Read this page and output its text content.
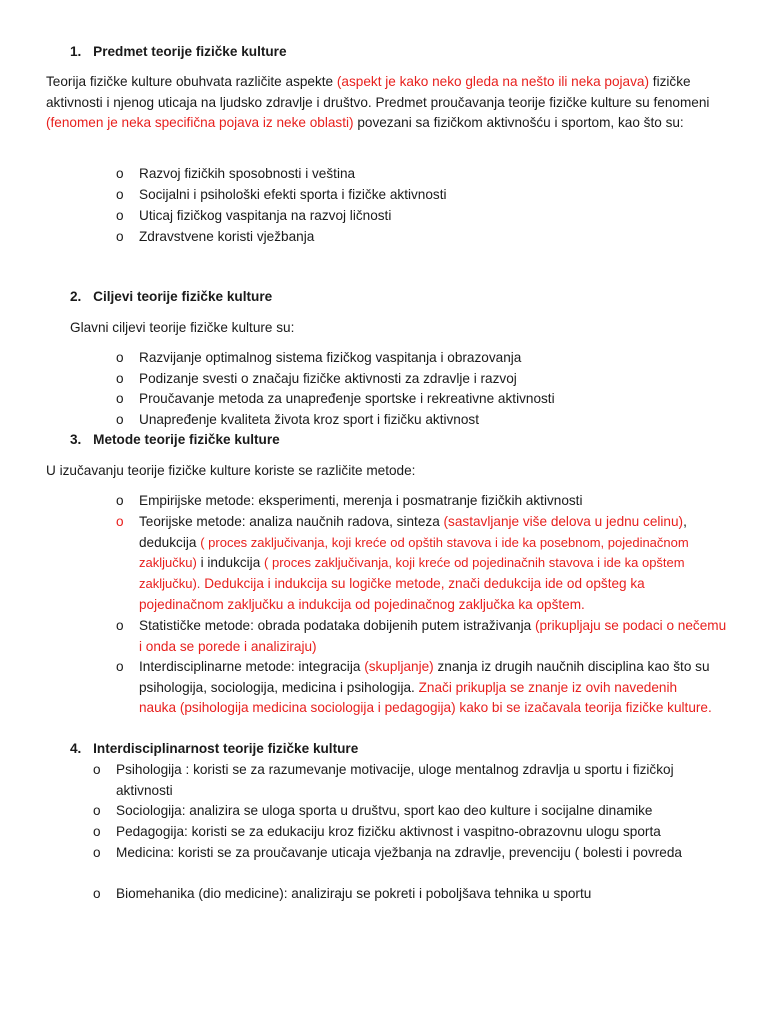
1. Predmet teorije fizičke kulture

Teorija fizičke kulture obuhvata različite aspekte (aspekt je kako neko gleda na nešto ili neka pojava) fizičke aktivnosti i njenog uticaja na ljudsko zdravlje i društvo. Predmet proučavanja teorije fizičke kulture su fenomeni (fenomen je neka specifična pojava iz neke oblasti) povezani sa fizičkom aktivnošću i sportom, kao što su:

o Razvoj fizičkih sposobnosti i veština
o Socijalni i psihološki efekti sporta i fizičke aktivnosti
o Uticaj fizičkog vaspitanja na razvoj ličnosti
o Zdravstvene koristi vježbanja
2. Ciljevi teorije fizičke kulture
Glavni ciljevi teorije fizičke kulture su:
o Razvijanje optimalnog sistema fizičkog vaspitanja i obrazovanja
o Podizanje svesti o značaju fizičke aktivnosti za zdravlje i razvoj
o Proučavanje metoda za unapređenje sportske i rekreativne aktivnosti
o Unapređenje kvaliteta života kroz sport i fizičku aktivnost
3. Metode teorije fizičke kulture
U izučavanju teorije fizičke kulture koriste se različite metode:
o Empirijske metode: eksperimenti, merenja i posmatranje fizičkih aktivnosti
o Teorijske metode: analiza naučnih radova, sinteza (sastavljanje više delova u jednu celinu), dedukcija ( proces zaključivanja, koji kreće od opštih stavova i ide ka posebnom, pojedinačnom zaključku) i indukcija ( proces zaključivanja, koji kreće od pojedinačnih stavova i ide ka opštem zaključku). Dedukcija i indukcija su logičke metode, znači dedukcija ide od opšteg ka pojedinačnom zaključku a indukcija od pojedinačnog zaključka ka opštem.

o Statističke metode: obrada podataka dobijenih putem istraživanja (prikupljaju se podaci o nečemu i onda se porede i analiziraju)

o Interdisciplinarne metode: integracija (skupljanje) znanja iz drugih naučnih disciplina kao što su psihologija, sociologija, medicina i psihologija. Znači prikuplja se znanje iz ovih navedenih nauka (psihologija medicina sociologija i pedagogija) kako bi se izačavala teorija fizičke kulture.

4. Interdisciplinarnost teorije fizičke kulture
o Psihologija : koristi se za razumevanje motivacije, uloge mentalnog zdravlja u sportu i fizičkoj aktivnosti

o Sociologija: analizira se uloga sporta u društvu, sport kao deo kulture i socijalne dinamike

o Pedagogija: koristi se za edukaciju kroz fizičku aktivnost i vaspitno-obrazovnu ulogu sporta

o Medicina: koristi se za proučavanje uticaja vježbanja na zdravlje, prevenciju ( bolesti i povreda

o Biomehanika (dio medicine): analiziraju se pokreti i poboljšava tehnika u sportu
